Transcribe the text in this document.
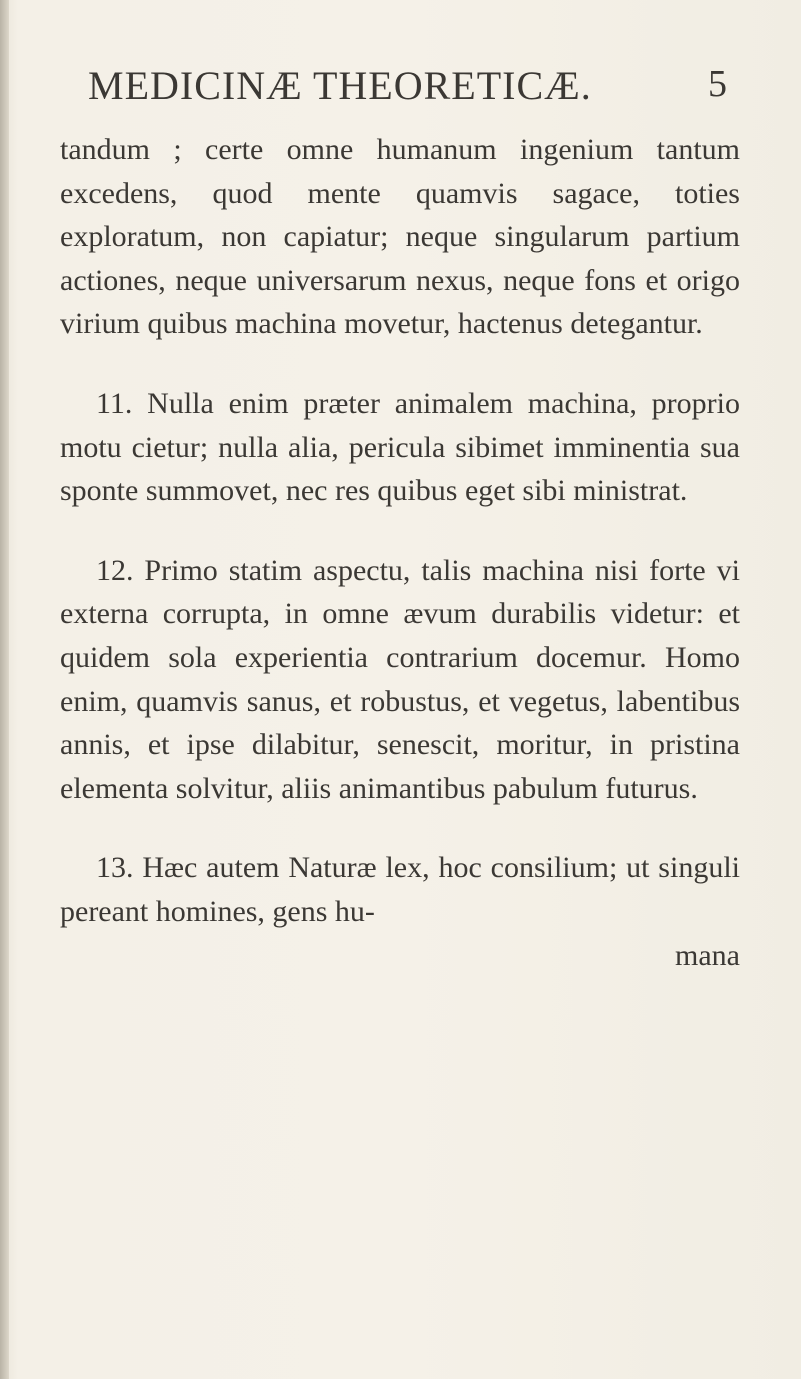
MEDICINÆ THEORETICÆ.	5

tandum ; certe omne humanum ingenium tantum excedens, quod mente quamvis sagace, toties exploratum, non capiatur; neque singularum partium actiones, neque universarum nexus, neque fons et origo virium quibus machina movetur, hactenus detegantur.

11. Nulla enim præter animalem machina, proprio motu cietur; nulla alia, pericula sibimet imminentia sua sponte summovet, nec res quibus eget sibi ministrat.

12. Primo statim aspectu, talis machina nisi forte vi externa corrupta, in omne ævum durabilis videtur: et quidem sola experientia contrarium docemur. Homo enim, quamvis sanus, et robustus, et vegetus, labentibus annis, et ipse dilabitur, senescit, moritur, in pristina elementa solvitur, aliis animantibus pabulum futurus.

13. Hæc autem Naturæ lex, hoc consilium; ut singuli pereant homines, gens hu-

mana
